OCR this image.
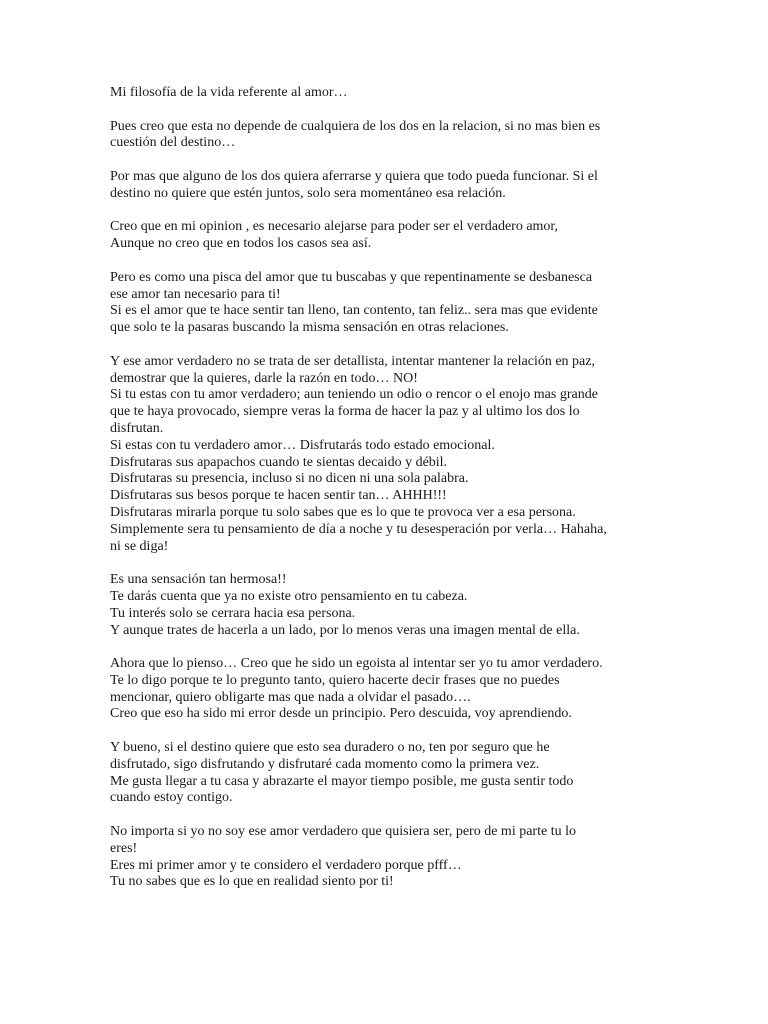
Mi filosofía de la vida referente al amor…

Pues creo que esta no depende de cualquiera de los dos en la relacion, si no mas bien es
cuestión del destino…

Por mas que alguno de los dos quiera aferrarse y quiera que todo pueda funcionar. Si el
destino no quiere que estén juntos, solo sera momentáneo esa relación.

Creo que en mi opinion , es necesario alejarse para poder ser el verdadero amor,
Aunque no creo que en todos los casos sea así.

Pero es como una pisca del amor que tu buscabas y que repentinamente se desbanesca
ese amor tan necesario para ti!
Si es el amor que te hace sentir tan lleno, tan contento, tan feliz.. sera mas que evidente
que solo te la pasaras buscando la misma sensación en otras relaciones.

Y ese amor verdadero no se trata de ser detallista, intentar mantener la relación en paz,
demostrar que la quieres, darle la razón en todo… NO!
Si tu estas con tu amor verdadero; aun teniendo un odio o rencor o el enojo mas grande
que te haya provocado, siempre veras la forma de hacer la paz y al ultimo los dos lo
disfrutan.
Si estas con tu verdadero amor… Disfrutarás todo estado emocional.
Disfrutaras sus apapachos cuando te sientas decaido y débil.
Disfrutaras su presencia, incluso si no dicen ni una sola palabra.
Disfrutaras sus besos porque te hacen sentir tan… AHHH!!!
Disfrutaras mirarla porque tu solo sabes que es lo que te provoca ver a esa persona.
Simplemente sera tu pensamiento de día a noche y tu desesperación por verla… Hahaha,
ni se diga!

Es una sensación tan hermosa!!
Te darás cuenta que ya no existe otro pensamiento en tu cabeza.
Tu interés solo se cerrara hacia esa persona.
Y aunque trates de hacerla a un lado, por lo menos veras una imagen mental de ella.

Ahora que lo pienso… Creo que he sido un egoista al intentar ser yo tu amor verdadero.
Te lo digo porque te lo pregunto tanto, quiero hacerte decir frases que no puedes
mencionar, quiero obligarte mas que nada a olvidar el pasado….
Creo que eso ha sido mi error desde un principio. Pero descuida, voy aprendiendo.

Y bueno, si el destino quiere que esto sea duradero o no, ten por seguro que he
disfrutado, sigo disfrutando y disfrutaré cada momento como la primera vez.
Me gusta llegar a tu casa y abrazarte el mayor tiempo posible, me gusta sentir todo
cuando estoy contigo.

No importa si yo no soy ese amor verdadero que quisiera ser, pero de mi parte tu lo
eres!
Eres mi primer amor y te considero el verdadero porque pfff…
Tu no sabes que es lo que en realidad siento por ti!
